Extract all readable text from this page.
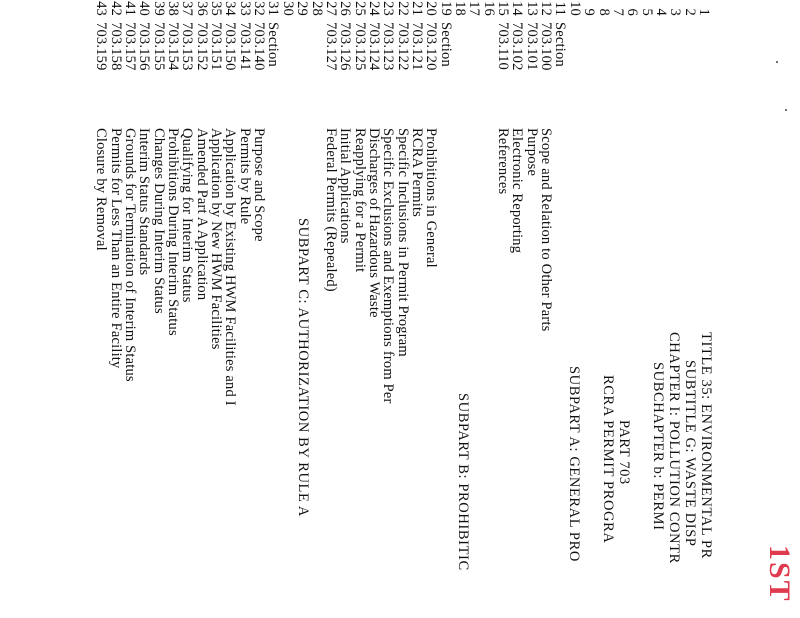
1ST
TITLE 35: ENVIRONMENTAL PR
SUBTITLE G: WASTE DISP
CHAPTER I: POLLUTION CONTR
SUBCHAPTER b: PERMI
PART 703
RCRA PERMIT PROGRA
SUBPART A: GENERAL PRO
SUBPART B: PROHIBITIC
SUBPART C: AUTHORIZATION BY RULE A
1
2
3
4
5
6
7
8
9
10
11
Section
12
703.100
Scope and Relation to Other Parts
13
703.101
Purpose
14
703.102
Electronic Reporting
15
703.110
References
16
17
18
19
Section
20
703.120
Prohibitions in General
21
703.121
RCRA Permits
22
703.122
Specific Inclusions in Permit Program
23
703.123
Specific Exclusions and Exemptions from Per
24
703.124
Discharges of Hazardous Waste
25
703.125
Reapplying for a Permit
26
703.126
Initial Applications
27
703.127
Federal Permits (Repealed)
28
29
30
31
Section
32
703.140
Purpose and Scope
33
703.141
Permits by Rule
34
703.150
Application by Existing HWM Facilities and I
35
703.151
Application by New HWM Facilities
36
703.152
Amended Part A Application
37
703.153
Qualifying for Interim Status
38
703.154
Prohibitions During Interim Status
39
703.155
Changes During Interim Status
40
703.156
Interim Status Standards
41
703.157
Grounds for Termination of Interim Status
42
703.158
Permits for Less Than an Entire Facility
43
703.159
Closure by Removal
